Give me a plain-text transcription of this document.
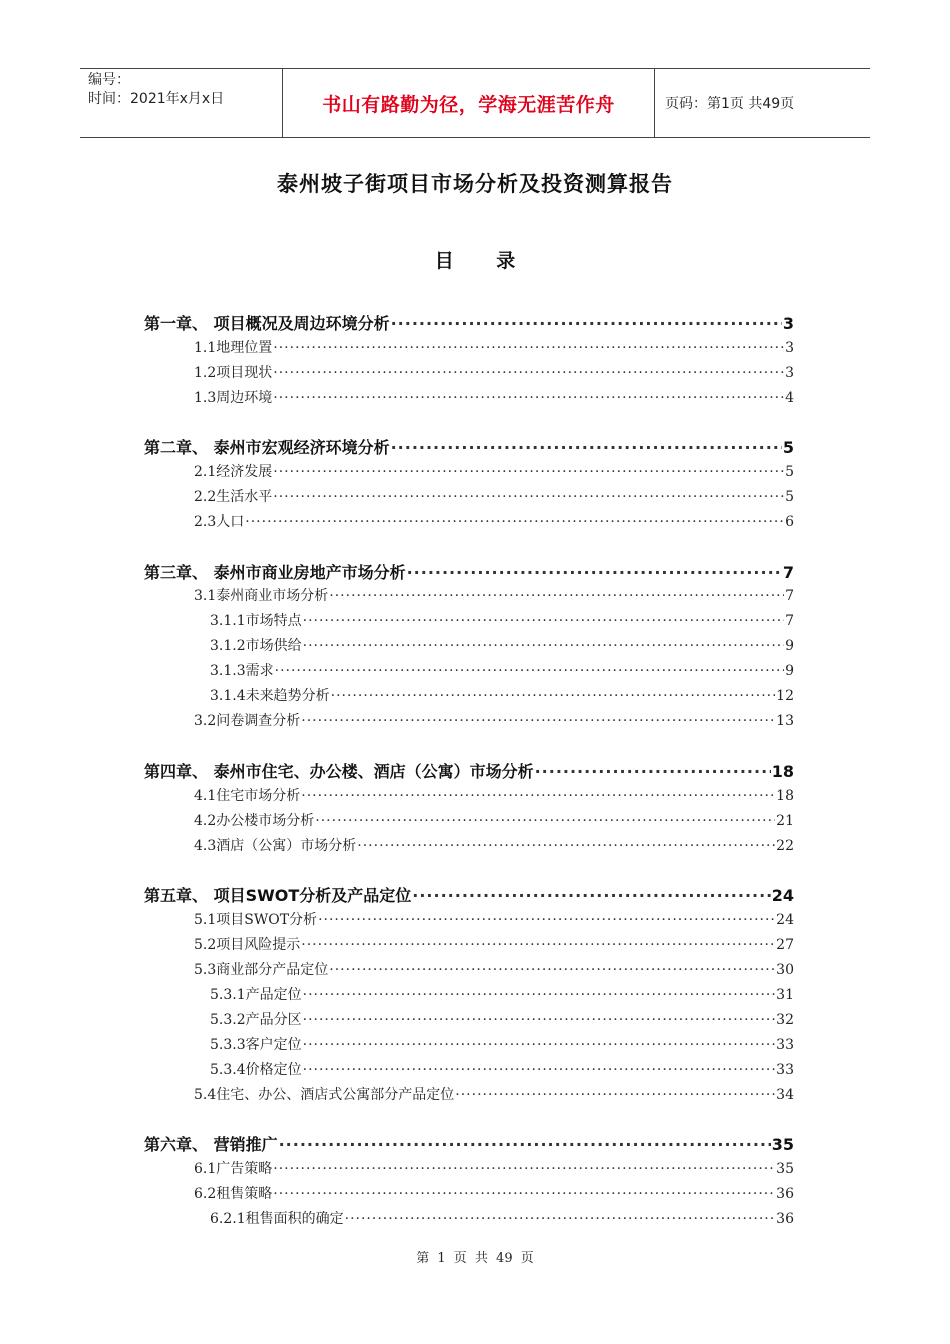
编号：
时间：2021年x月x日	书山有路勤为径，学海无涯苦作舟	页码：第1页 共49页
泰州坡子街项目市场分析及投资测算报告
目 录
第一章、 项目概况及周边环境分析 ·····	3
1.1地理位置 ·····	3
1.2项目现状 ·····	3
1.3周边环境 ·····	4
第二章、 泰州市宏观经济环境分析 ·····	5
2.1经济发展 ·····	5
2.2生活水平 ·····	5
2.3人口 ·····	6
第三章、 泰州市商业房地产市场分析 ·····	7
3.1泰州商业市场分析 ·····	7
3.1.1市场特点 ·····	7
3.1.2市场供给 ·····	9
3.1.3需求 ·····	9
3.1.4未来趋势分析 ·····	12
3.2问卷调查分析 ·····	13
第四章、 泰州市住宅、办公楼、酒店（公寓）市场分析 ·····	18
4.1住宅市场分析 ·····	18
4.2办公楼市场分析 ·····	21
4.3酒店（公寓）市场分析 ·····	22
第五章、 项目SWOT分析及产品定位 ·····	24
5.1项目SWOT分析 ·····	24
5.2项目风险提示 ·····	27
5.3商业部分产品定位 ·····	30
5.3.1产品定位 ·····	31
5.3.2产品分区 ·····	32
5.3.3客户定位 ·····	33
5.3.4价格定位 ·····	33
5.4住宅、办公、酒店式公寓部分产品定位 ·····	34
第六章、 营销推广 ·····	35
6.1广告策略 ·····	35
6.2租售策略 ·····	36
6.2.1租售面积的确定 ·····	36
第 1 页 共 49 页
